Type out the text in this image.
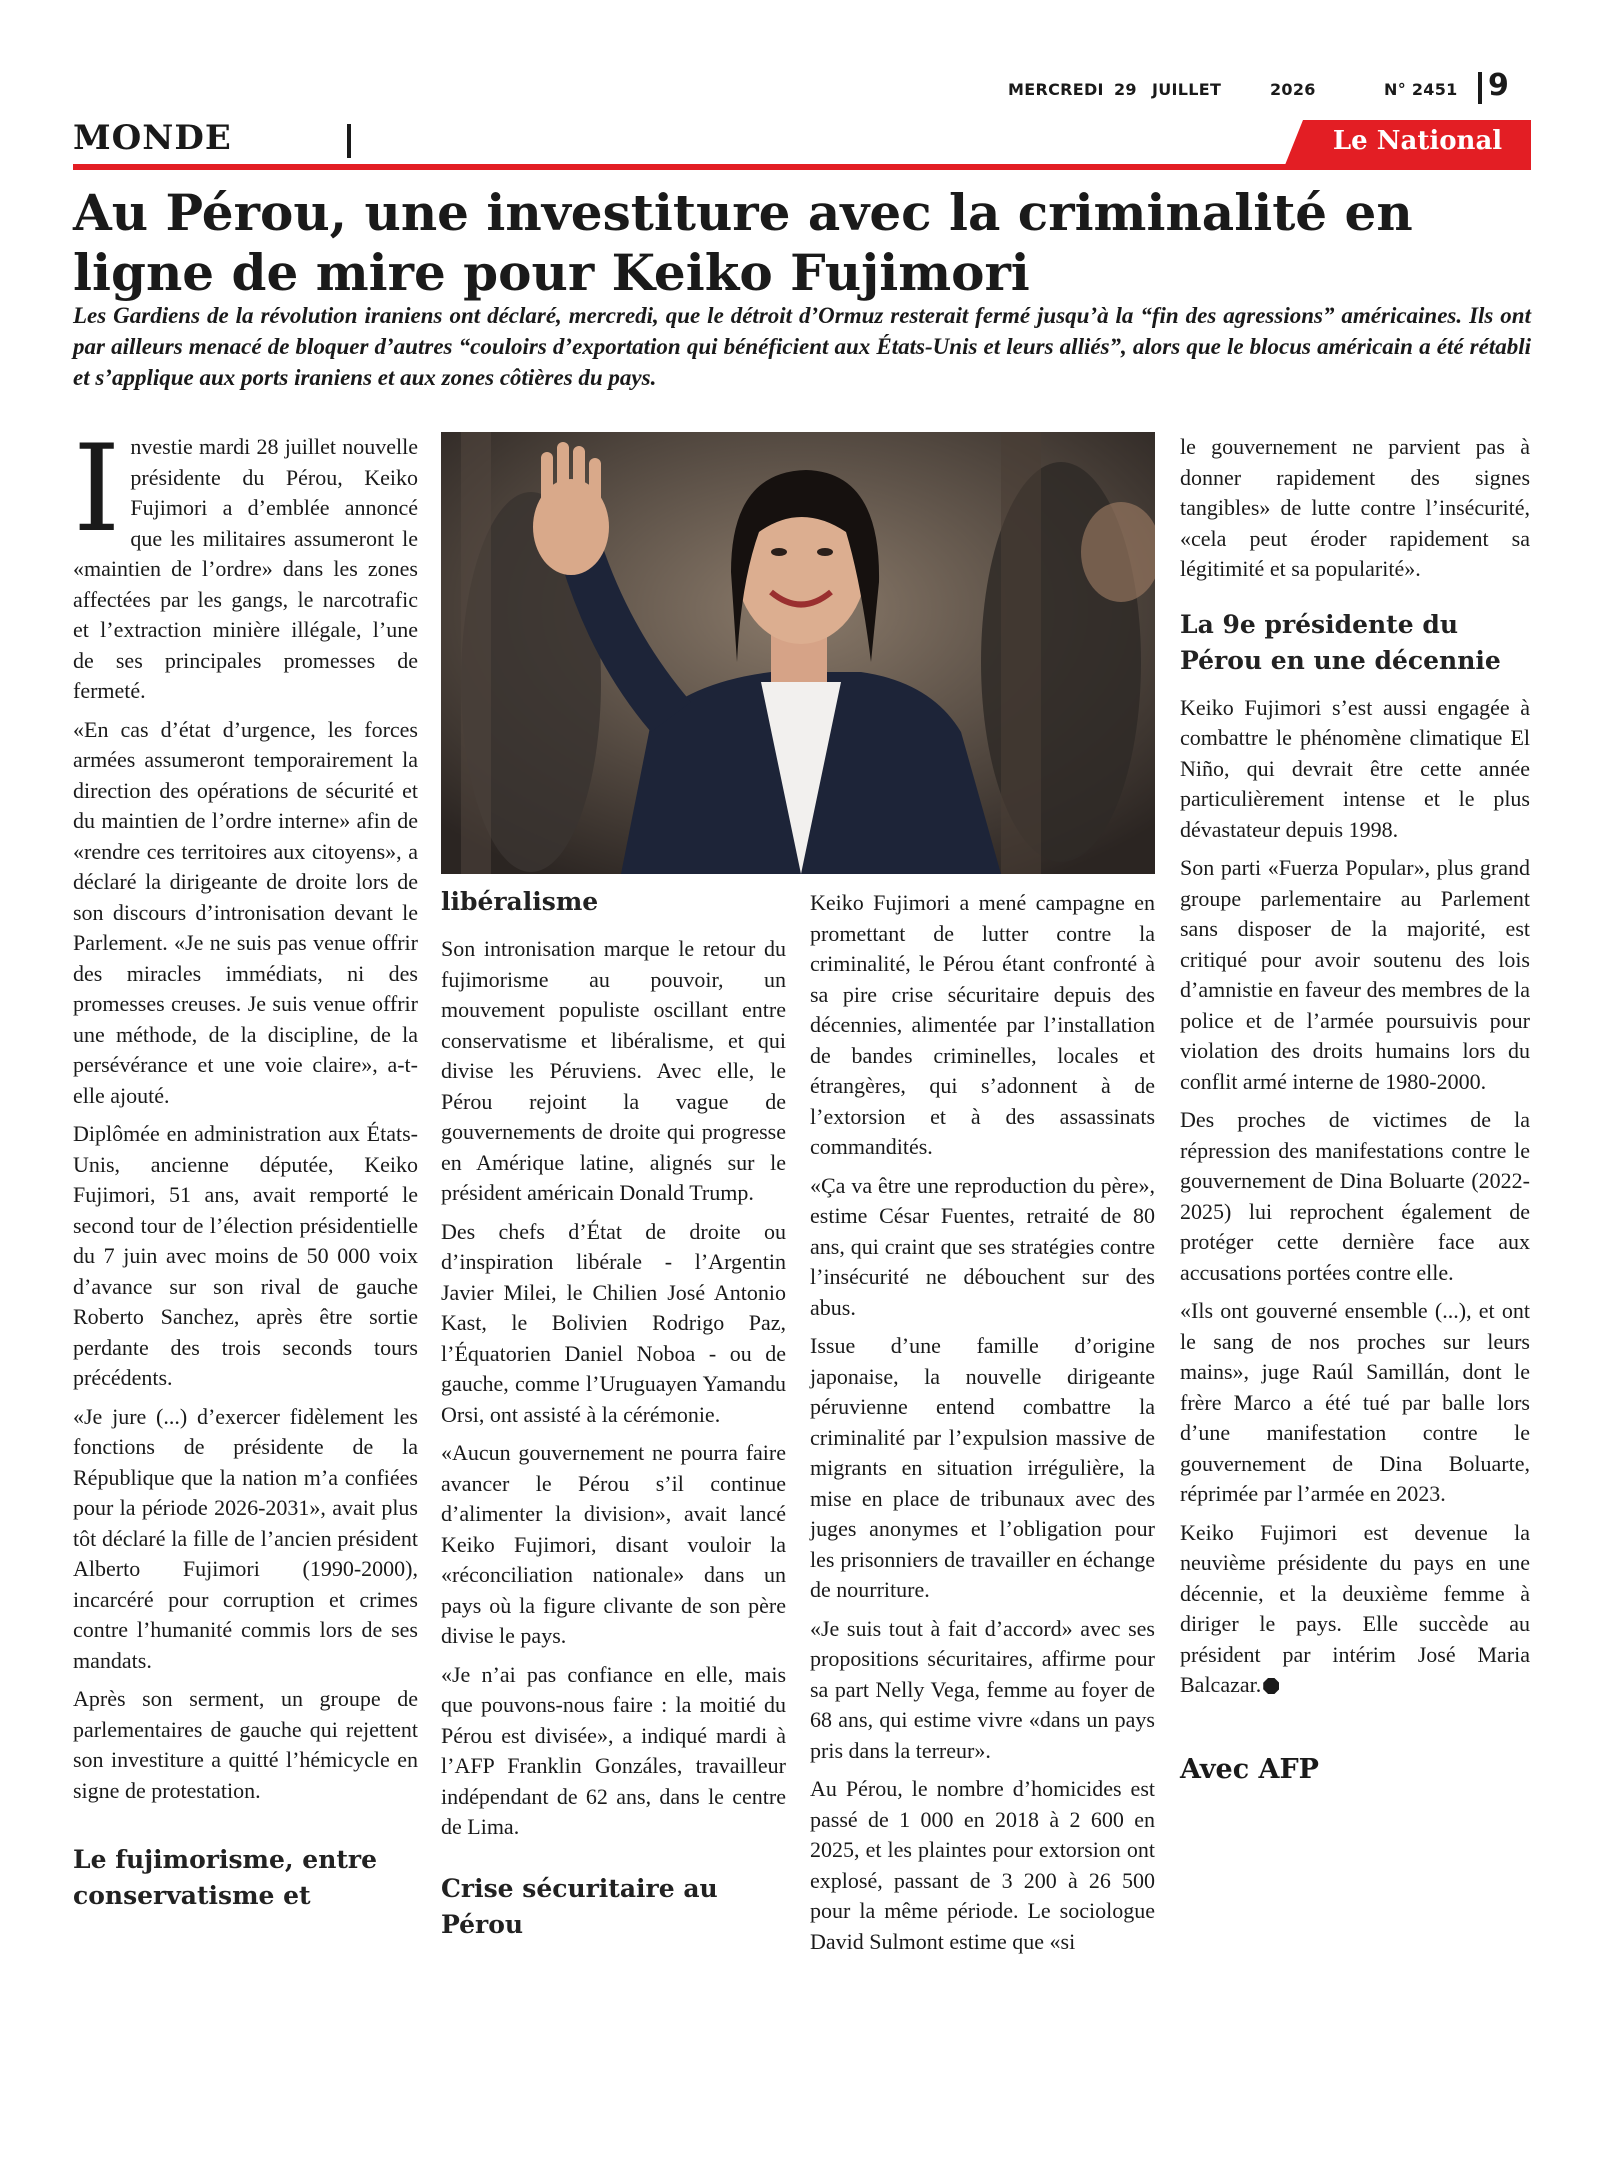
MERCREDI 29 JUILLET	2026	N° 2451 9
MONDE	Le National
Au Pérou, une investiture avec la criminalité en ligne de mire pour Keiko Fujimori

Les Gardiens de la révolution iraniens ont déclaré, mercredi, que le détroit d’Ormuz resterait fermé jusqu’à la “fin des agressions” américaines. Ils ont par ailleurs menacé de bloquer d’autres “couloirs d’exportation qui bénéficient aux États-Unis et leurs alliés”, alors que le blocus américain a été rétabli et s’applique aux ports iraniens et aux zones côtières du pays.

Investie mardi 28 juillet nouvelle présidente du Pérou, Keiko Fujimori a d’emblée annoncé que les militaires assumeront le «maintien de l’ordre» dans les zones affectées par les gangs, le narcotrafic et l’extraction minière illégale, l’une de ses principales promesses de fermeté.

«En cas d’état d’urgence, les forces armées assumeront temporairement la direction des opérations de sécurité et du maintien de l’ordre interne» afin de «rendre ces territoires aux citoyens», a déclaré la dirigeante de droite lors de son discours d’intronisation devant le Parlement. «Je ne suis pas venue offrir des miracles immédiats, ni des promesses creuses. Je suis venue offrir une méthode, de la discipline, de la persévérance et une voie claire», a-t-elle ajouté.

Diplômée en administration aux États-Unis, ancienne députée, Keiko Fujimori, 51 ans, avait remporté le second tour de l’élection présidentielle du 7 juin avec moins de 50 000 voix d’avance sur son rival de gauche Roberto Sanchez, après être sortie perdante des trois seconds tours précédents.

«Je jure (...) d’exercer fidèlement les fonctions de présidente de la République que la nation m’a confiées pour la période 2026-2031», avait plus tôt déclaré la fille de l’ancien président Alberto Fujimori (1990-2000), incarcéré pour corruption et crimes contre l’humanité commis lors de ses mandats.

Après son serment, un groupe de parlementaires de gauche qui rejettent son investiture a quitté l’hémicycle en signe de protestation.

Le fujimorisme, entre conservatisme et
libéralisme

Son intronisation marque le retour du fujimorisme au pouvoir, un mouvement populiste oscillant entre conservatisme et libéralisme, et qui divise les Péruviens. Avec elle, le Pérou rejoint la vague de gouvernements de droite qui progresse en Amérique latine, alignés sur le président américain Donald Trump.

Des chefs d’État de droite ou d’inspiration libérale - l’Argentin Javier Milei, le Chilien José Antonio Kast, le Bolivien Rodrigo Paz, l’Équatorien Daniel Noboa - ou de gauche, comme l’Uruguayen Yamandu Orsi, ont assisté à la cérémonie.

«Aucun gouvernement ne pourra faire avancer le Pérou s’il continue d’alimenter la division», avait lancé Keiko Fujimori, disant vouloir la «réconciliation nationale» dans un pays où la figure clivante de son père divise le pays.

«Je n’ai pas confiance en elle, mais que pouvons-nous faire : la moitié du Pérou est divisée», a indiqué mardi à l’AFP Franklin Gonzáles, travailleur indépendant de 62 ans, dans le centre de Lima.

Crise sécuritaire au Pérou

Keiko Fujimori a mené campagne en promettant de lutter contre la criminalité, le Pérou étant confronté à sa pire crise sécuritaire depuis des décennies, alimentée par l’installation de bandes criminelles, locales et étrangères, qui s’adonnent à de l’extorsion et à des assassinats commandités.

«Ça va être une reproduction du père», estime César Fuentes, retraité de 80 ans, qui craint que ses stratégies contre l’insécurité ne débouchent sur des abus.

Issue d’une famille d’origine japonaise, la nouvelle dirigeante péruvienne entend combattre la criminalité par l’expulsion massive de migrants en situation irrégulière, la mise en place de tribunaux avec des juges anonymes et l’obligation pour les prisonniers de travailler en échange de nourriture.

«Je suis tout à fait d’accord» avec ses propositions sécuritaires, affirme pour sa part Nelly Vega, femme au foyer de 68 ans, qui estime vivre «dans un pays pris dans la terreur».

Au Pérou, le nombre d’homicides est passé de 1 000 en 2018 à 2 600 en 2025, et les plaintes pour extorsion ont explosé, passant de 3 200 à 26 500 pour la même période. Le sociologue David Sulmont estime que «si

le gouvernement ne parvient pas à donner rapidement des signes tangibles» de lutte contre l’insécurité, «cela peut éroder rapidement sa légitimité et sa popularité».

La 9e présidente du Pérou en une décennie

Keiko Fujimori s’est aussi engagée à combattre le phénomène climatique El Niño, qui devrait être cette année particulièrement intense et le plus dévastateur depuis 1998.

Son parti «Fuerza Popular», plus grand groupe parlementaire au Parlement sans disposer de la majorité, est critiqué pour avoir soutenu des lois d’amnistie en faveur des membres de la police et de l’armée poursuivis pour violation des droits humains lors du conflit armé interne de 1980-2000.

Des proches de victimes de la répression des manifestations contre le gouvernement de Dina Boluarte (2022-2025) lui reprochent également de protéger cette dernière face aux accusations portées contre elle.

«Ils ont gouverné ensemble (...), et ont le sang de nos proches sur leurs mains», juge Raúl Samillán, dont le frère Marco a été tué par balle lors d’une manifestation contre le gouvernement de Dina Boluarte, réprimée par l’armée en 2023.

Keiko Fujimori est devenue la neuvième présidente du pays en une décennie, et la deuxième femme à diriger le pays. Elle succède au président par intérim José Maria Balcazar.

Avec AFP
